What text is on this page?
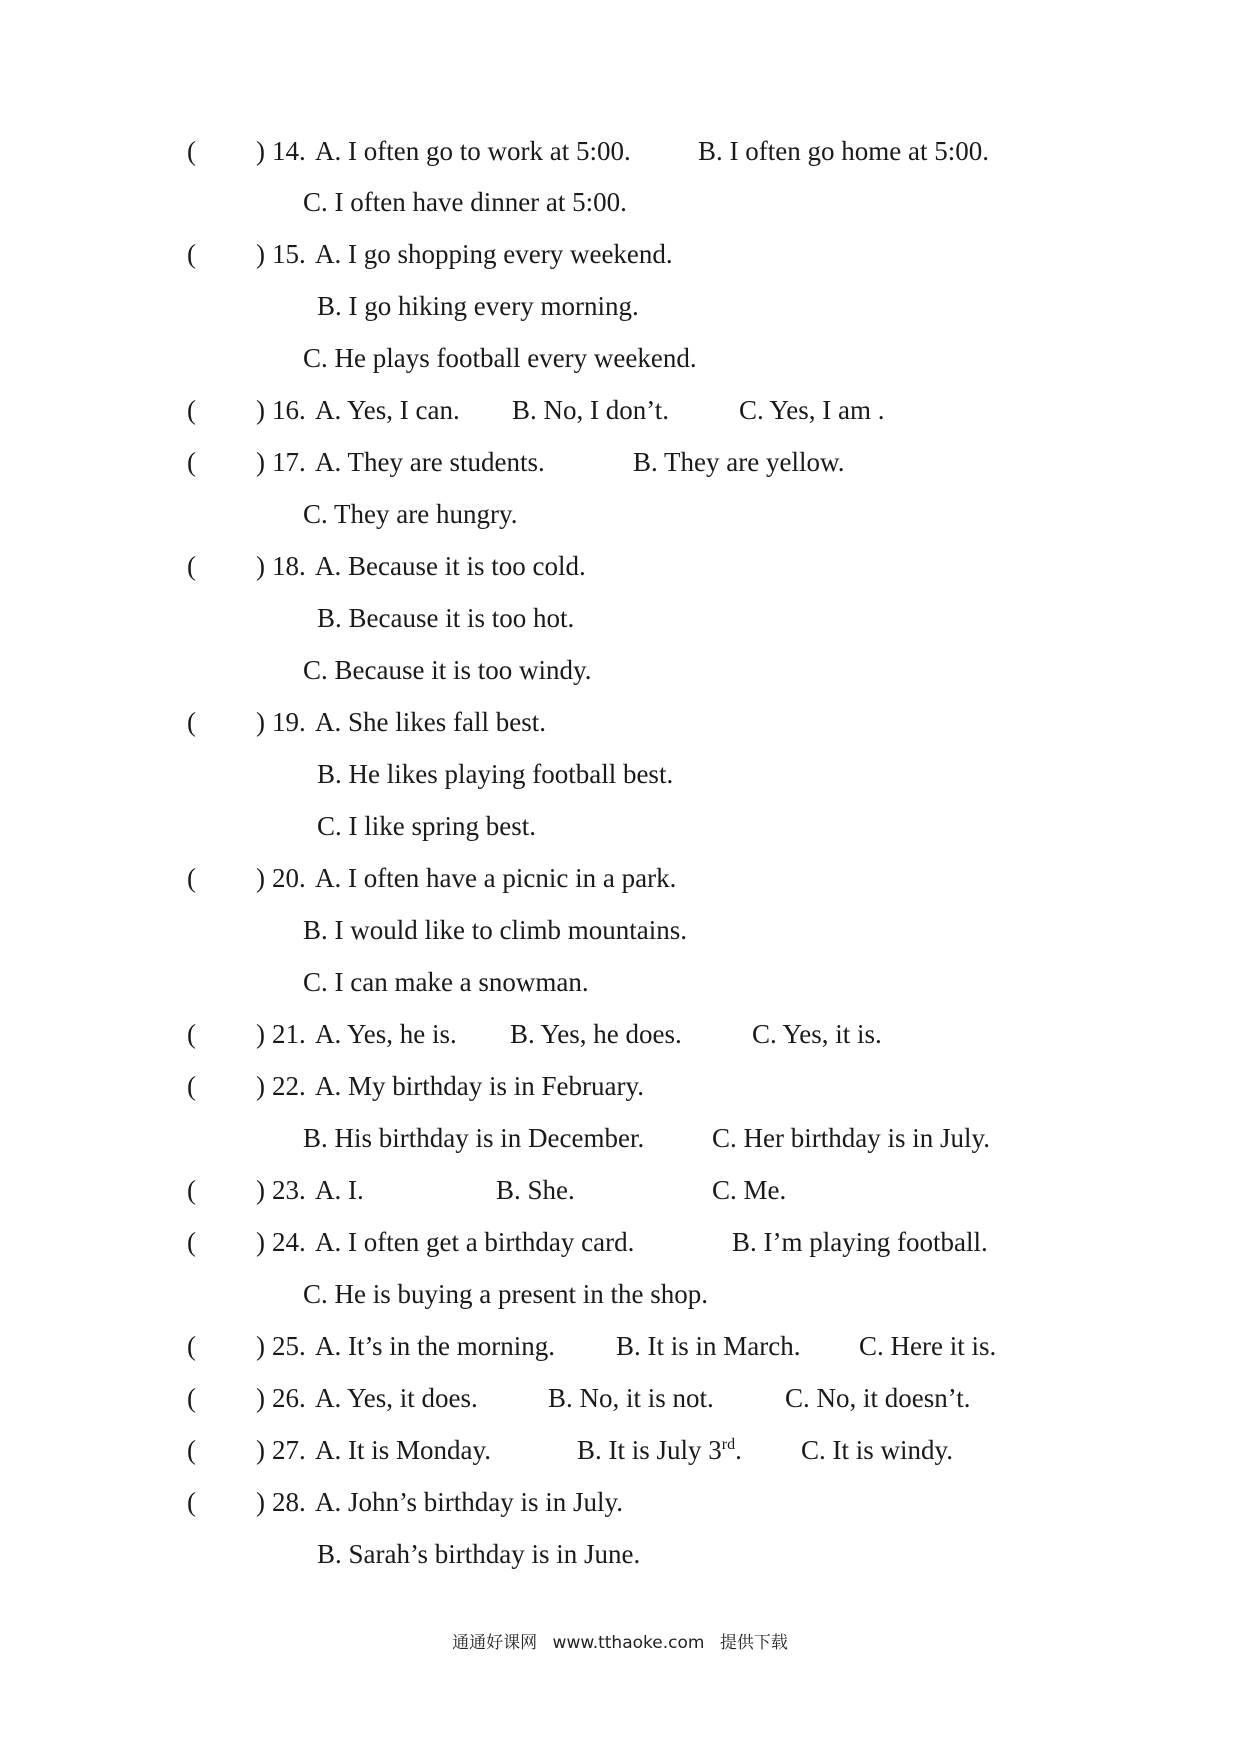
( ) 14. A. I often go to work at 5:00. B. I often go home at 5:00.
C. I often have dinner at 5:00.
( ) 15. A. I go shopping every weekend.
B. I go hiking every morning.
C. He plays football every weekend.
( ) 16. A. Yes, I can. B. No, I don’t.	C. Yes, I am .
( ) 17. A. They are students.	B. They are yellow.
C. They are hungry.
( ) 18. A. Because it is too cold.
B. Because it is too hot.
C. Because it is too windy.
( ) 19. A. She likes fall best.
B. He likes playing football best.
C. I like spring best.
( ) 20. A. I often have a picnic in a park.
B. I would like to climb mountains.
C. I can make a snowman.
( ) 21. A. Yes, he is. B. Yes, he does.	C. Yes, it is.
( ) 22. A. My birthday is in February.
B. His birthday is in December.	C. Her birthday is in July.
( ) 23. A. I.	B. She.	C. Me.
( ) 24. A. I often get a birthday card.	B. I’m playing football.
C. He is buying a present in the shop.
( ) 25. A. It’s in the morning. B. It is in March. C. Here it is.
( ) 26. A. Yes, it does.	B. No, it is not.	C. No, it doesn’t.
( ) 27. A. It is Monday.	B. It is July 3rd. C. It is windy.
( ) 28. A. John’s birthday is in July.
B. Sarah’s birthday is in June.
通通好课网 www.tthaoke.com 提供下载
